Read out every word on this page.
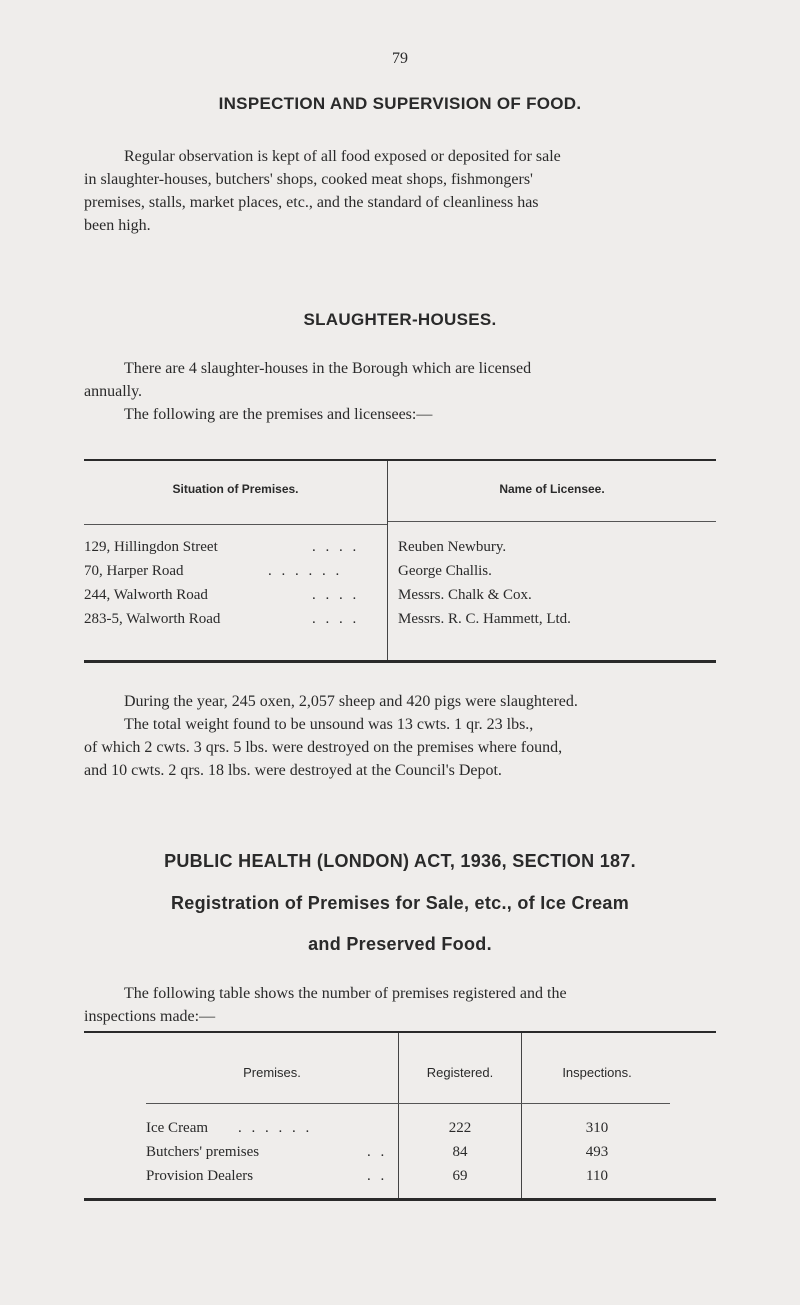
79
INSPECTION AND SUPERVISION OF FOOD.
Regular observation is kept of all food exposed or deposited for sale
in slaughter-houses, butchers' shops, cooked meat shops, fishmongers'
premises, stalls, market places, etc., and the standard of cleanliness has
been high.
SLAUGHTER-HOUSES.
There are 4 slaughter-houses in the Borough which are licensed
annually.
The following are the premises and licensees:—
Situation of Premises.	Name of Licensee.
129, Hillingdon Street	. . . .	Reuben Newbury.
70, Harper Road	. . . . . .	George Challis.
244, Walworth Road	. . . .	Messrs. Chalk & Cox.
283-5, Walworth Road	. . . .	Messrs. R. C. Hammett, Ltd.
During the year, 245 oxen, 2,057 sheep and 420 pigs were slaughtered.
The total weight found to be unsound was 13 cwts. 1 qr. 23 lbs.,
of which 2 cwts. 3 qrs. 5 lbs. were destroyed on the premises where found,
and 10 cwts. 2 qrs. 18 lbs. were destroyed at the Council's Depot.
PUBLIC HEALTH (LONDON) ACT, 1936, SECTION 187.
Registration of Premises for Sale, etc., of Ice Cream
and Preserved Food.
The following table shows the number of premises registered and the
inspections made:—
Premises.	Registered.	Inspections.
Ice Cream . . . . . .	222	310
Butchers' premises	. .	84	493
Provision Dealers	. .	69	110
